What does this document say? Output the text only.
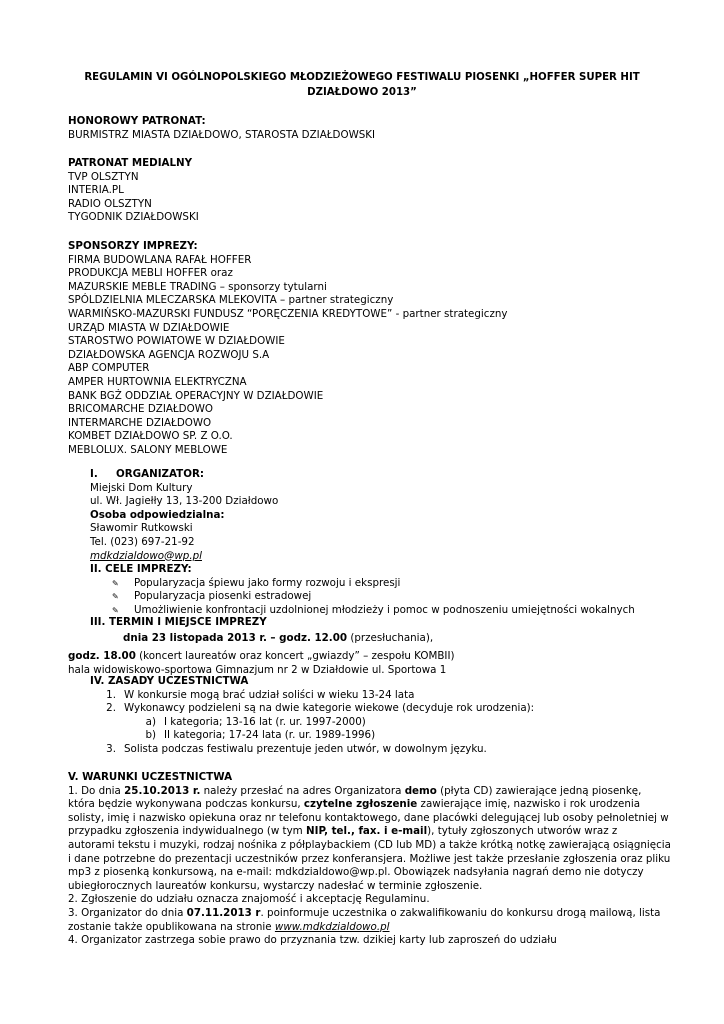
REGULAMIN VI OGÓLNOPOLSKIEGO MŁODZIEŻOWEGO FESTIWALU PIOSENKI „HOFFER SUPER HIT
DZIAŁDOWO 2013”
HONOROWY PATRONAT:
BURMISTRZ MIASTA DZIAŁDOWO, STAROSTA DZIAŁDOWSKI
PATRONAT MEDIALNY
TVP OLSZTYN
INTERIA.PL
RADIO OLSZTYN
TYGODNIK DZIAŁDOWSKI
SPONSORZY IMPREZY:
FIRMA BUDOWLANA RAFAŁ HOFFER
PRODUKCJA MEBLI HOFFER oraz
MAZURSKIE MEBLE TRADING – sponsorzy tytularni
SPÓLDZIELNIA MLECZARSKA MLEKOVITA – partner strategiczny
WARMIŃSKO-MAZURSKI FUNDUSZ “PORĘCZENIA KREDYTOWE” - partner strategiczny
URZĄD MIASTA W DZIAŁDOWIE
STAROSTWO POWIATOWE W DZIAŁDOWIE
DZIAŁDOWSKA AGENCJA ROZWOJU S.A
ABP COMPUTER
AMPER HURTOWNIA ELEKTRYCZNA
BANK BGŻ ODDZIAŁ OPERACYJNY W DZIAŁDOWIE
BRICOMARCHE DZIAŁDOWO
INTERMARCHE DZIAŁDOWO
KOMBET DZIAŁDOWO SP. Z O.O.
MEBLOLUX. SALONY MEBLOWE
I. ORGANIZATOR:
Miejski Dom Kultury
ul. Wł. Jagiełły 13, 13-200 Działdowo
Osoba odpowiedzialna:
Sławomir Rutkowski
Tel. (023) 697-21-92
mdkdzialdowo@wp.pl
II. CELE IMPREZY:
✎ Popularyzacja śpiewu jako formy rozwoju i ekspresji
✎ Popularyzacja piosenki estradowej
✎ Umożliwienie konfrontacji uzdolnionej młodzieży i pomoc w podnoszeniu umiejętności wokalnych
III. TERMIN I MIEJSCE IMPREZY
dnia 23 listopada 2013 r. – godz. 12.00 (przesłuchania),
godz. 18.00 (koncert laureatów oraz koncert „gwiazdy” – zespołu KOMBII)
hala widowiskowo-sportowa Gimnazjum nr 2 w Działdowie ul. Sportowa 1
IV. ZASADY UCZESTNICTWA
1. W konkursie mogą brać udział soliści w wieku 13-24 lata
2. Wykonawcy podzieleni są na dwie kategorie wiekowe (decyduje rok urodzenia):
a) I kategoria; 13-16 lat (r. ur. 1997-2000)
b) II kategoria; 17-24 lata (r. ur. 1989-1996)
3. Solista podczas festiwalu prezentuje jeden utwór, w dowolnym języku.
V. WARUNKI UCZESTNICTWA
1. Do dnia 25.10.2013 r. należy przesłać na adres Organizatora demo (płyta CD) zawierające jedną piosenkę,
która będzie wykonywana podczas konkursu, czytelne zgłoszenie zawierające imię, nazwisko i rok urodzenia
solisty, imię i nazwisko opiekuna oraz nr telefonu kontaktowego, dane placówki delegującej lub osoby pełnoletniej w
przypadku zgłoszenia indywidualnego (w tym NIP, tel., fax. i e-mail), tytuły zgłoszonych utworów wraz z
autorami tekstu i muzyki, rodzaj nośnika z półplaybackiem (CD lub MD) a także krótką notkę zawierającą osiągnięcia
i dane potrzebne do prezentacji uczestników przez konferansjera. Możliwe jest także przesłanie zgłoszenia oraz pliku
mp3 z piosenką konkursową, na e-mail: mdkdzialdowo@wp.pl. Obowiązek nadsyłania nagrań demo nie dotyczy
ubiegłorocznych laureatów konkursu, wystarczy nadesłać w terminie zgłoszenie.
2. Zgłoszenie do udziału oznacza znajomość i akceptację Regulaminu.
3. Organizator do dnia 07.11.2013 r. poinformuje uczestnika o zakwalifikowaniu do konkursu drogą mailową, lista
zostanie także opublikowana na stronie www.mdkdzialdowo.pl
4. Organizator zastrzega sobie prawo do przyznania tzw. dzikiej karty lub zaproszeń do udziału
